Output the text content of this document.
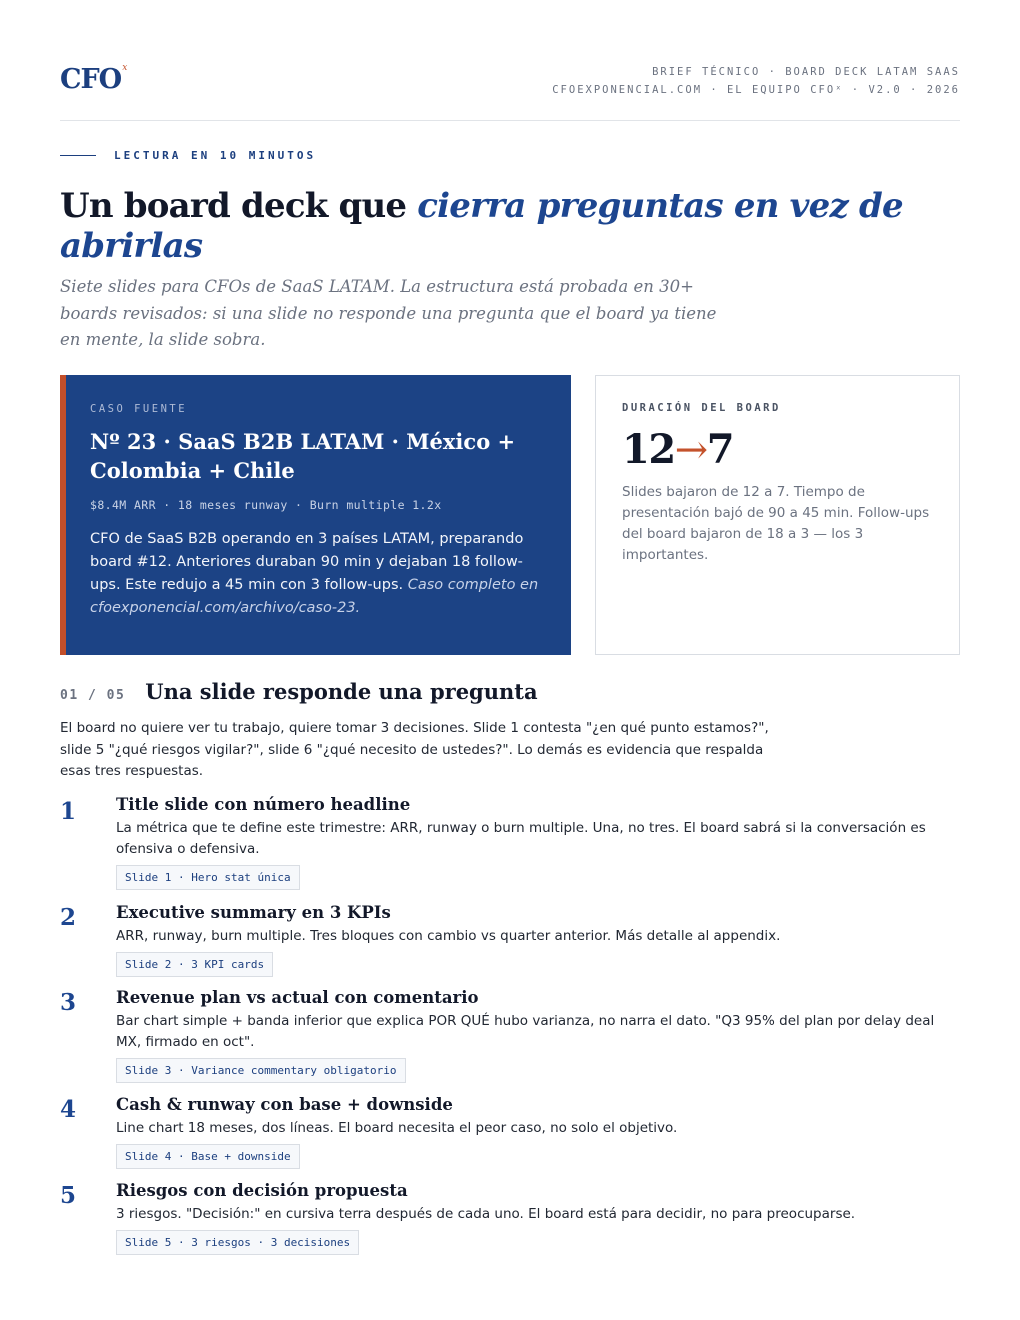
CFO$^x$	BRIEF TÉCNICO · BOARD DECK LATAM SAAS
CFOEXPONENCIAL.COM · EL EQUIPO CFOˣ · V2.0 · 2026
LECTURA EN 10 MINUTOS
Un board deck que cierra preguntas en vez de abrirlas

Siete slides para CFOs de SaaS LATAM. La estructura está probada en 30+ boards revisados: si una slide no responde una pregunta que el board ya tiene en mente, la slide sobra.

CASO FUENTE
Nº 23 · SaaS B2B LATAM · México + Colombia + Chile
$8.4M ARR · 18 meses runway · Burn multiple 1.2x
CFO de SaaS B2B operando en 3 países LATAM, preparando board #12. Anteriores duraban 90 min y dejaban 18 follow-ups. Este redujo a 45 min con 3 follow-ups. Caso completo en cfoexponencial.com/archivo/caso-23.
DURACIÓN DEL BOARD
12→7
Slides bajaron de 12 a 7. Tiempo de presentación bajó de 90 a 45 min. Follow-ups del board bajaron de 18 a 3 — los 3 importantes.
01 / 05 Una slide responde una pregunta

El board no quiere ver tu trabajo, quiere tomar 3 decisiones. Slide 1 contesta "¿en qué punto estamos?", slide 5 "¿qué riesgos vigilar?", slide 6 "¿qué necesito de ustedes?". Lo demás es evidencia que respalda esas tres respuestas.

1	Title slide con número headline
La métrica que te define este trimestre: ARR, runway o burn multiple. Una, no tres. El board sabrá si la conversación es ofensiva o defensiva.
Slide 1 · Hero stat única
2	Executive summary en 3 KPIs
ARR, runway, burn multiple. Tres bloques con cambio vs quarter anterior. Más detalle al appendix.
Slide 2 · 3 KPI cards
3	Revenue plan vs actual con comentario
Bar chart simple + banda inferior que explica POR QUÉ hubo varianza, no narra el dato. "Q3 95% del plan por delay deal MX, firmado en oct".
Slide 3 · Variance commentary obligatorio
4	Cash & runway con base + downside
Line chart 18 meses, dos líneas. El board necesita el peor caso, no solo el objetivo.
Slide 4 · Base + downside
5	Riesgos con decisión propuesta
3 riesgos. "Decisión:" en cursiva terra después de cada uno. El board está para decidir, no para preocuparse.
Slide 5 · 3 riesgos · 3 decisiones
